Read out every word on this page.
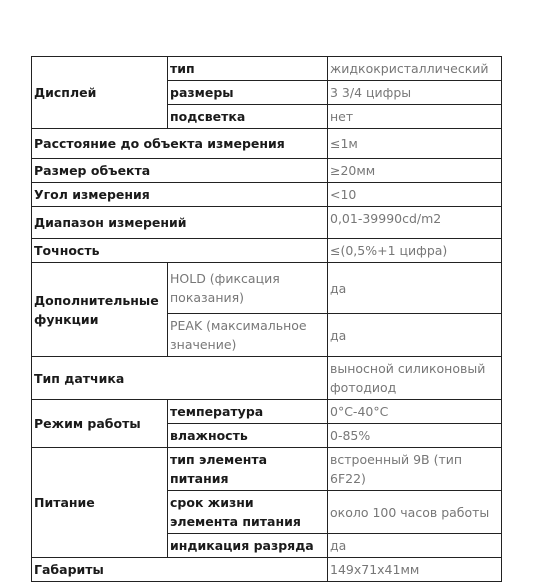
Дисплей	тип	жидкокристаллический
	размеры	3 3/4 цифры
	подсветка	нет
Расстояние до объекта измерения		≤1м
Размер объекта		≥20мм
Угол измерения		<10
Диапазон измерений		0,01-39990cd/m2
Точность		≤(0,5%+1 цифра)
Дополнительные функции	HOLD (фиксация показания)	да
	PEAK (максимальное значение)	да
Тип датчика		выносной силиконовый фотодиод
Режим работы	температура	0°C-40°C
	влажность	0-85%
Питание	тип элемента питания	встроенный 9В (тип 6F22)
	срок жизни элемента питания	около 100 часов работы
	индикация разряда	да
Габариты		149x71x41мм
